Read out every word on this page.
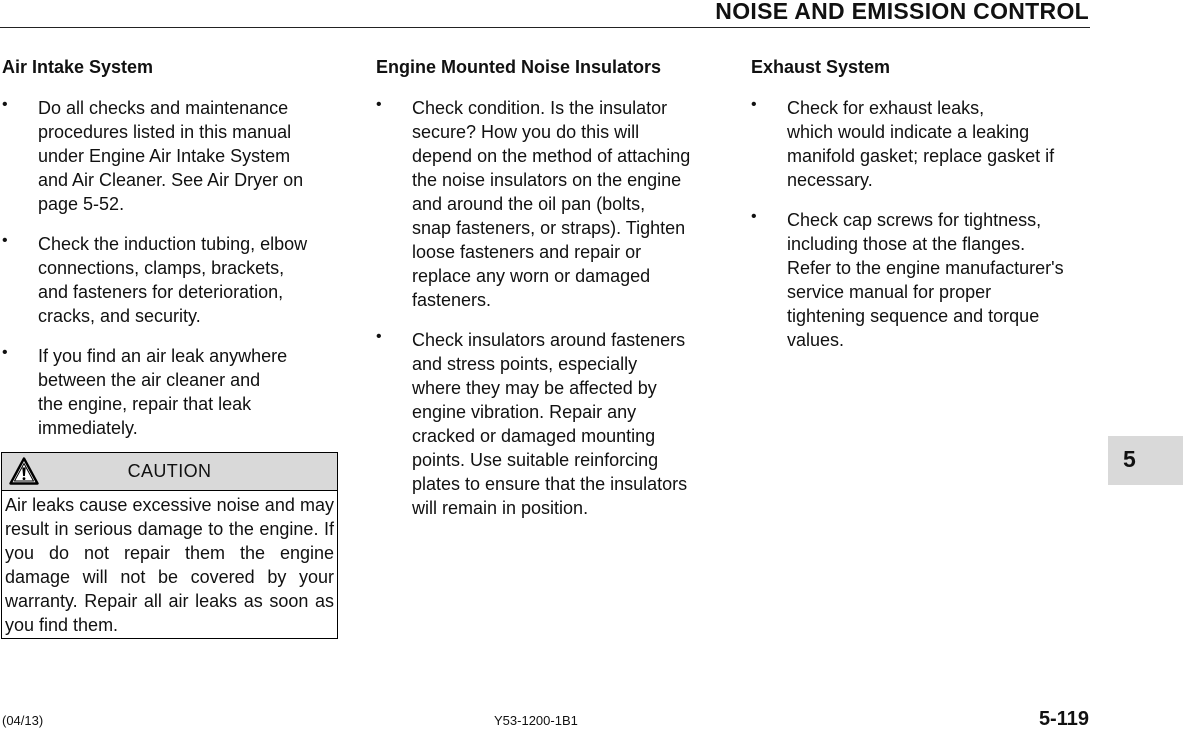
NOISE AND EMISSION CONTROL
Air Intake System
• Do all checks and maintenance
procedures listed in this manual
under Engine Air Intake System
and Air Cleaner. See Air Dryer on
page 5-52.
• Check the induction tubing, elbow
connections, clamps, brackets,
and fasteners for deterioration,
cracks, and security.
• If you find an air leak anywhere
between the air cleaner and
the engine, repair that leak
immediately.
CAUTION
Air leaks cause excessive noise and may result in serious damage to the engine. If you do not repair them the engine damage will not be covered by your warranty. Repair all air leaks as soon as you find them.
Engine Mounted Noise Insulators
• Check condition. Is the insulator
secure? How you do this will
depend on the method of attaching
the noise insulators on the engine
and around the oil pan (bolts,
snap fasteners, or straps). Tighten
loose fasteners and repair or
replace any worn or damaged
fasteners.
• Check insulators around fasteners
and stress points, especially
where they may be affected by
engine vibration. Repair any
cracked or damaged mounting
points. Use suitable reinforcing
plates to ensure that the insulators
will remain in position.
Exhaust System
• Check for exhaust leaks,
which would indicate a leaking
manifold gasket; replace gasket if
necessary.
• Check cap screws for tightness,
including those at the flanges.
Refer to the engine manufacturer's
service manual for proper
tightening sequence and torque
values.
5
(04/13)	Y53-1200-1B1	5-119
